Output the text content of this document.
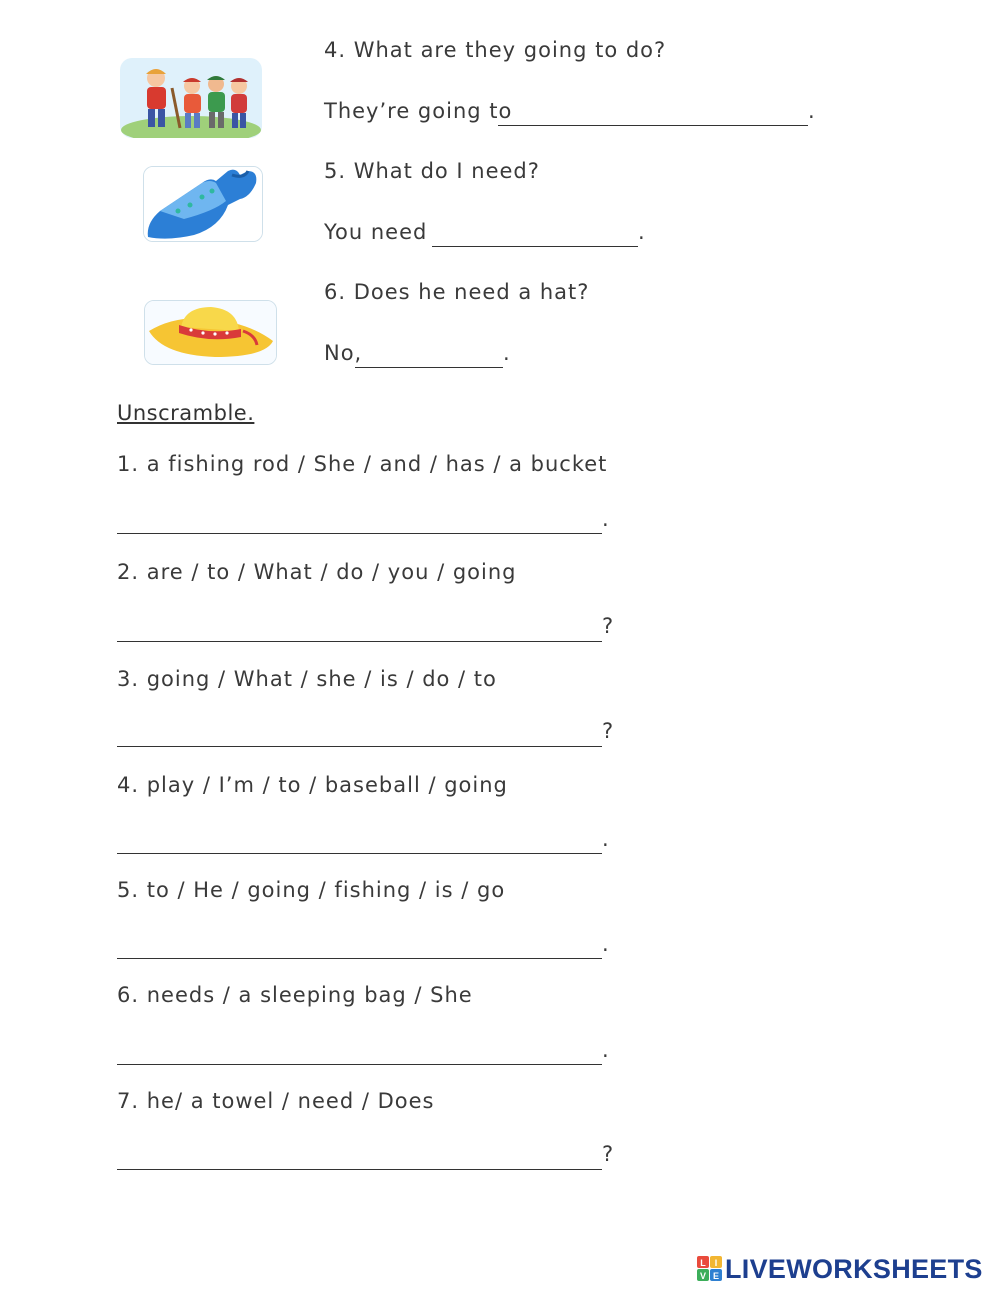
4. What are they going to do?
They’re going to	.
5. What do I need?
You need	.
6. Does he need a hat?
No,	.
Unscramble.
1. a fishing rod / She / and / has / a bucket
.
2. are / to / What / do / you / going
?
3. going / What / she / is / do / to
?
4. play / I’m / to / baseball / going
.
5. to / He / going / fishing / is / go
.
6. needs / a sleeping bag / She
.
7. he/ a towel / need / Does
?
L I
V E LIVEWORKSHEETS
